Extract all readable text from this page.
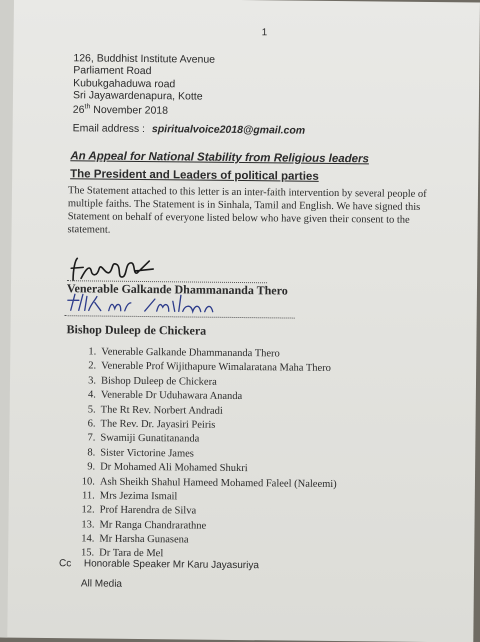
1
126, Buddhist Institute Avenue
Parliament Road
Kubukgahaduwa road
Sri Jayawardenapura, Kotte
26th November 2018
Email address : spiritualvoice2018@gmail.com
An Appeal for National Stability from Religious leaders
The President and Leaders of political parties
The Statement attached to this letter is an inter-faith intervention by several people of multiple faiths. The Statement is in Sinhala, Tamil and English. We have signed this Statement on behalf of everyone listed below who have given their consent to the statement.
Venerable Galkande Dhammananda Thero
Bishop Duleep de Chickera
1. Venerable Galkande Dhammananda Thero
2. Venerable Prof Wijithapure Wimalaratana Maha Thero
3. Bishop Duleep de Chickera
4. Venerable Dr Uduhawara Ananda
5. The Rt Rev. Norbert Andradi
6. The Rev. Dr. Jayasiri Peiris
7. Swamiji Gunatitananda
8. Sister Victorine James
9. Dr Mohamed Ali Mohamed Shukri
10. Ash Sheikh Shahul Hameed Mohamed Faleel (Naleemi)
11. Mrs Jezima Ismail
12. Prof Harendra de Silva
13. Mr Ranga Chandrarathne
14. Mr Harsha Gunasena
15. Dr Tara de Mel
Cc Honorable Speaker Mr Karu Jayasuriya
All Media
